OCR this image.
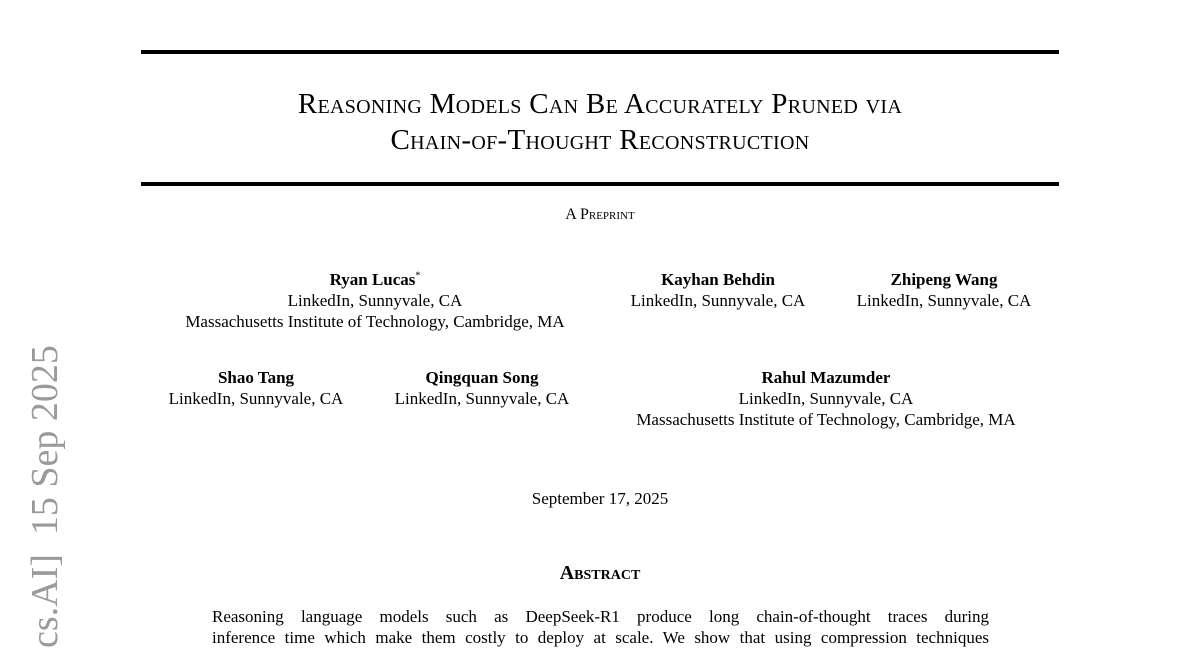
Reasoning Models Can Be Accurately Pruned via
Chain-of-Thought Reconstruction
A Preprint
Ryan Lucas*
LinkedIn, Sunnyvale, CA
Massachusetts Institute of Technology, Cambridge, MA
Kayhan Behdin
LinkedIn, Sunnyvale, CA
Zhipeng Wang
LinkedIn, Sunnyvale, CA
Shao Tang
LinkedIn, Sunnyvale, CA
Qingquan Song
LinkedIn, Sunnyvale, CA
Rahul Mazumder
LinkedIn, Sunnyvale, CA
Massachusetts Institute of Technology, Cambridge, MA
September 17, 2025
Abstract
Reasoning language models such as DeepSeek-R1 produce long chain-of-thought traces during
inference time which make them costly to deploy at scale. We show that using compression techniques
cs.AI]  15 Sep 2025
